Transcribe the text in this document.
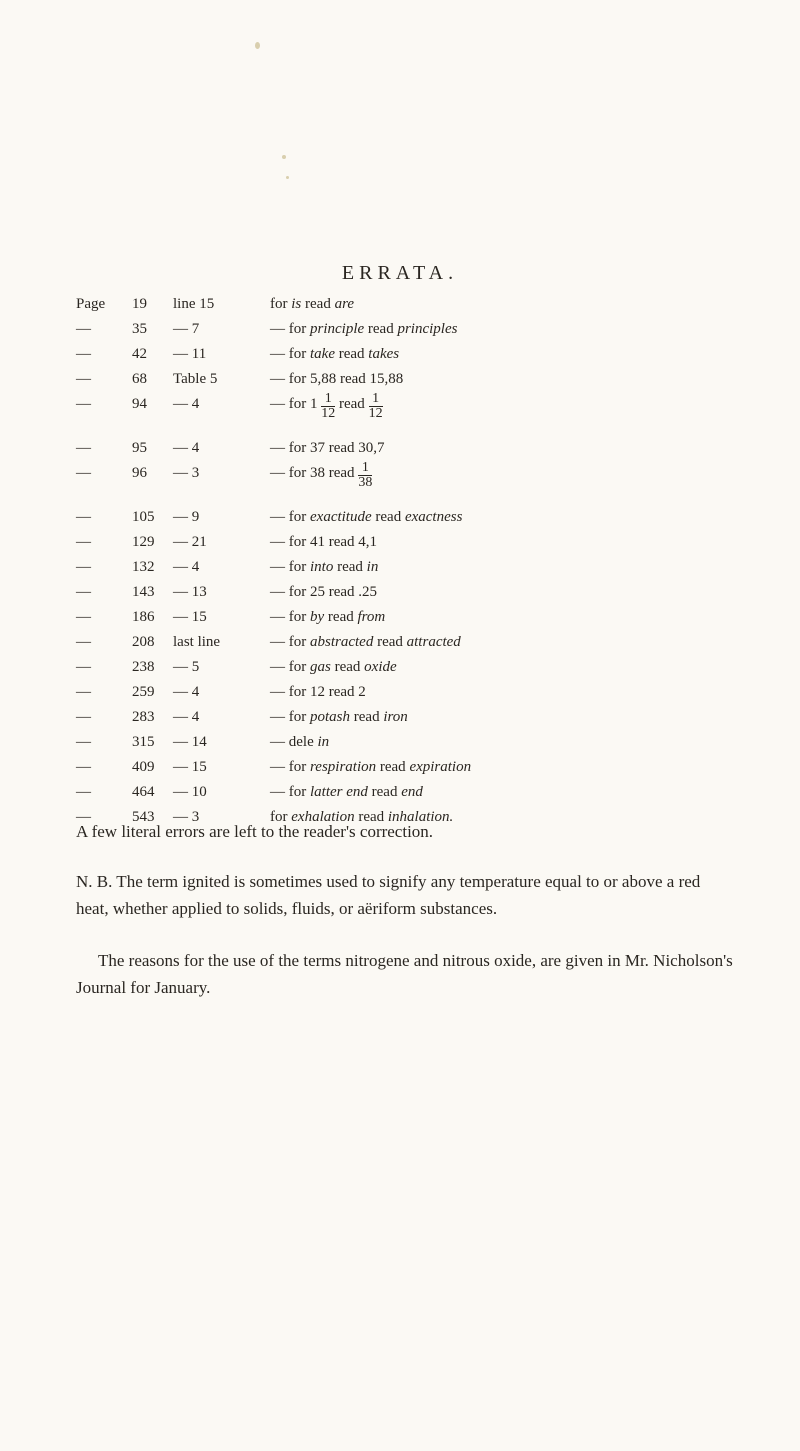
ERRATA.
Page 19 line 15	for is read are
—	35 — 7	— for principle read principles
—	42 — 11	— for take read takes
—	68 Table 5	— for 5,88 read 15,88
—	94 — 4	— for $1 \frac{1}{12}$ read $\frac{1}{12}$
—	95 — 4	— for 37 read 30,7
—	96 — 3	— for 38 read $\frac{1}{38}$
—	105 — 9	— for exactitude read exactness
—	129 — 21	— for 41 read 4,1
—	132 — 4	— for into read in
—	143 — 13	— for 25 read .25
—	186 — 15	— for by read from
—	208 last line	— for abstracted read attracted
—	238 — 5	— for gas read oxide
—	259 — 4	— for 12 read 2
—	283 — 4	— for potash read iron
—	315 — 14	— dele in
—	409 — 15	— for respiration read expiration
—	464 — 10	— for latter end read end
—	543 — 3	for exhalation read inhalation.
A few literal errors are left to the reader's correction.
N. B. The term ignited is sometimes used to signify any temperature equal to or above a red heat, whether applied to solids, fluids, or aëriform substances.
The reasons for the use of the terms nitrogene and nitrous oxide, are given in Mr. Nicholson's Journal for January.
